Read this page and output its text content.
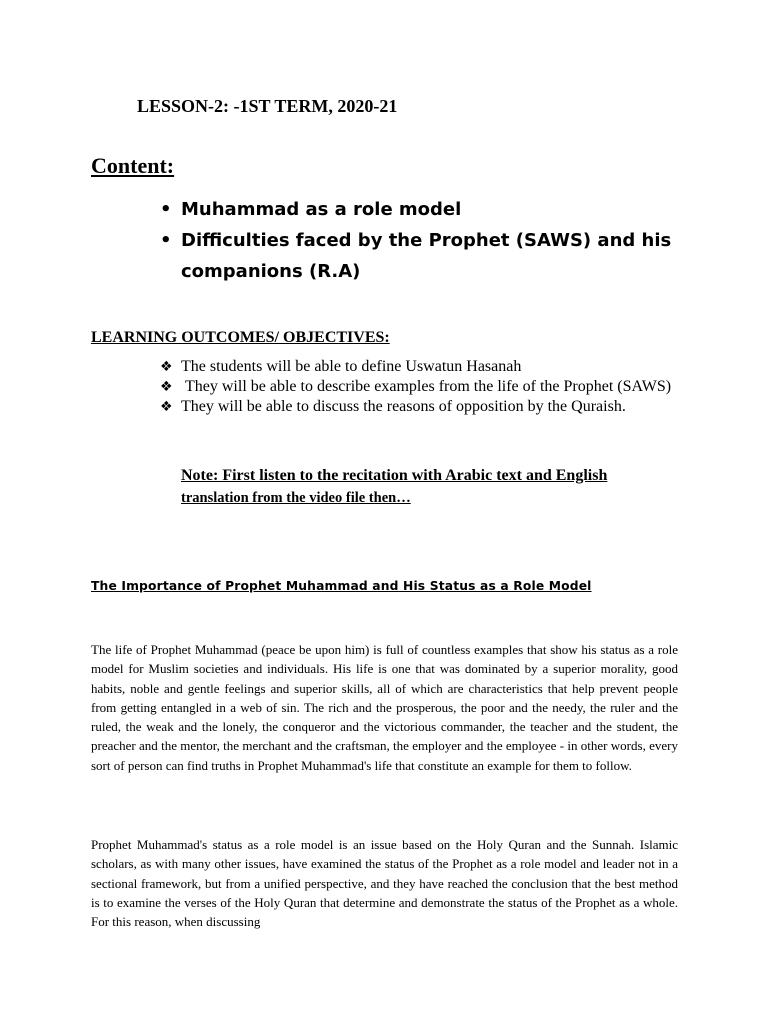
LESSON-2: -1ST TERM, 2020-21
Content:
• Muhammad as a role model
• Difficulties faced by the Prophet (SAWS) and his companions (R.A)
LEARNING OUTCOMES/ OBJECTIVES:
❖ The students will be able to define Uswatun Hasanah
❖ They will be able to describe examples from the life of the Prophet (SAWS)
❖ They will be able to discuss the reasons of opposition by the Quraish.
Note: First listen to the recitation with Arabic text and English
translation from the video file then…
The Importance of Prophet Muhammad and His Status as a Role Model
The life of Prophet Muhammad (peace be upon him) is full of countless examples that show his status as a role model for Muslim societies and individuals. His life is one that was dominated by a superior morality, good habits, noble and gentle feelings and superior skills, all of which are characteristics that help prevent people from getting entangled in a web of sin. The rich and the prosperous, the poor and the needy, the ruler and the ruled, the weak and the lonely, the conqueror and the victorious commander, the teacher and the student, the preacher and the mentor, the merchant and the craftsman, the employer and the employee - in other words, every sort of person can find truths in Prophet Muhammad's life that constitute an example for them to follow.
Prophet Muhammad's status as a role model is an issue based on the Holy Quran and the Sunnah. Islamic scholars, as with many other issues, have examined the status of the Prophet as a role model and leader not in a sectional framework, but from a unified perspective, and they have reached the conclusion that the best method is to examine the verses of the Holy Quran that determine and demonstrate the status of the Prophet as a whole. For this reason, when discussing
